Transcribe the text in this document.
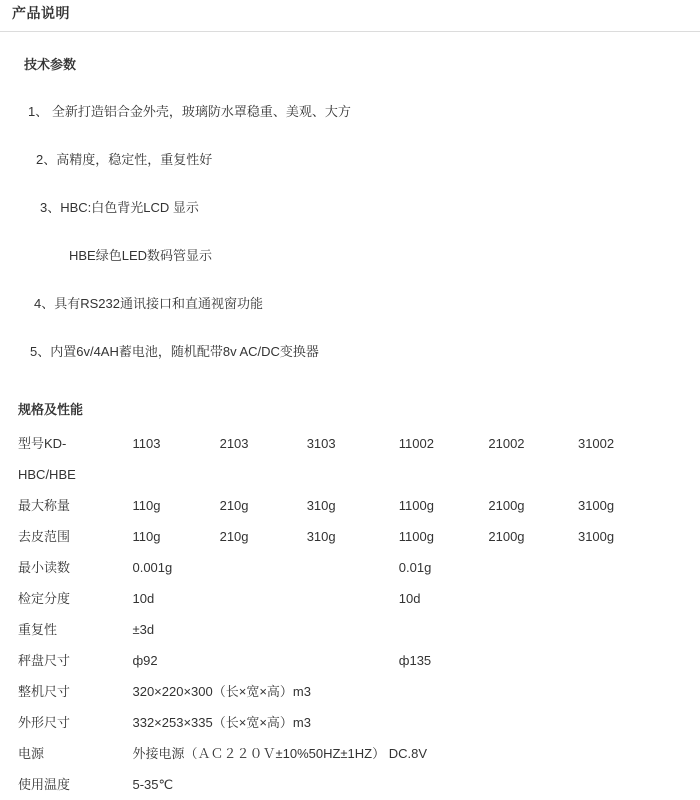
产品说明
技术参数
1、 全新打造铝合金外壳，玻璃防水罩稳重、美观、大方
2、高精度，稳定性，重复性好
3、HBC:白色背光LCD 显示
HBE绿色LED数码管显示
4、具有RS232通讯接口和直通视窗功能
5、内置6v/4AH蓄电池，随机配带8v AC/DC变换器
规格及性能
型号KD-	1103	2103	3103	11002	21002	31002
HBC/HBE						
最大称量	110g	210g	310g	1100g	2100g	3100g
去皮范围	110g	210g	310g	1100g	2100g	3100g
最小读数	0.001g			0.01g		
检定分度	10d			10d		
重复性	±3d					
秤盘尺寸	ф92			ф135		
整机尺寸	320×220×300（长×宽×高）m3					
外形尺寸	332×253×335（长×宽×高）m3					
电源	外接电源（ＡＣ２２０Ｖ±10%50HZ±1HZ） DC.8V					
使用温度	5-35℃					
